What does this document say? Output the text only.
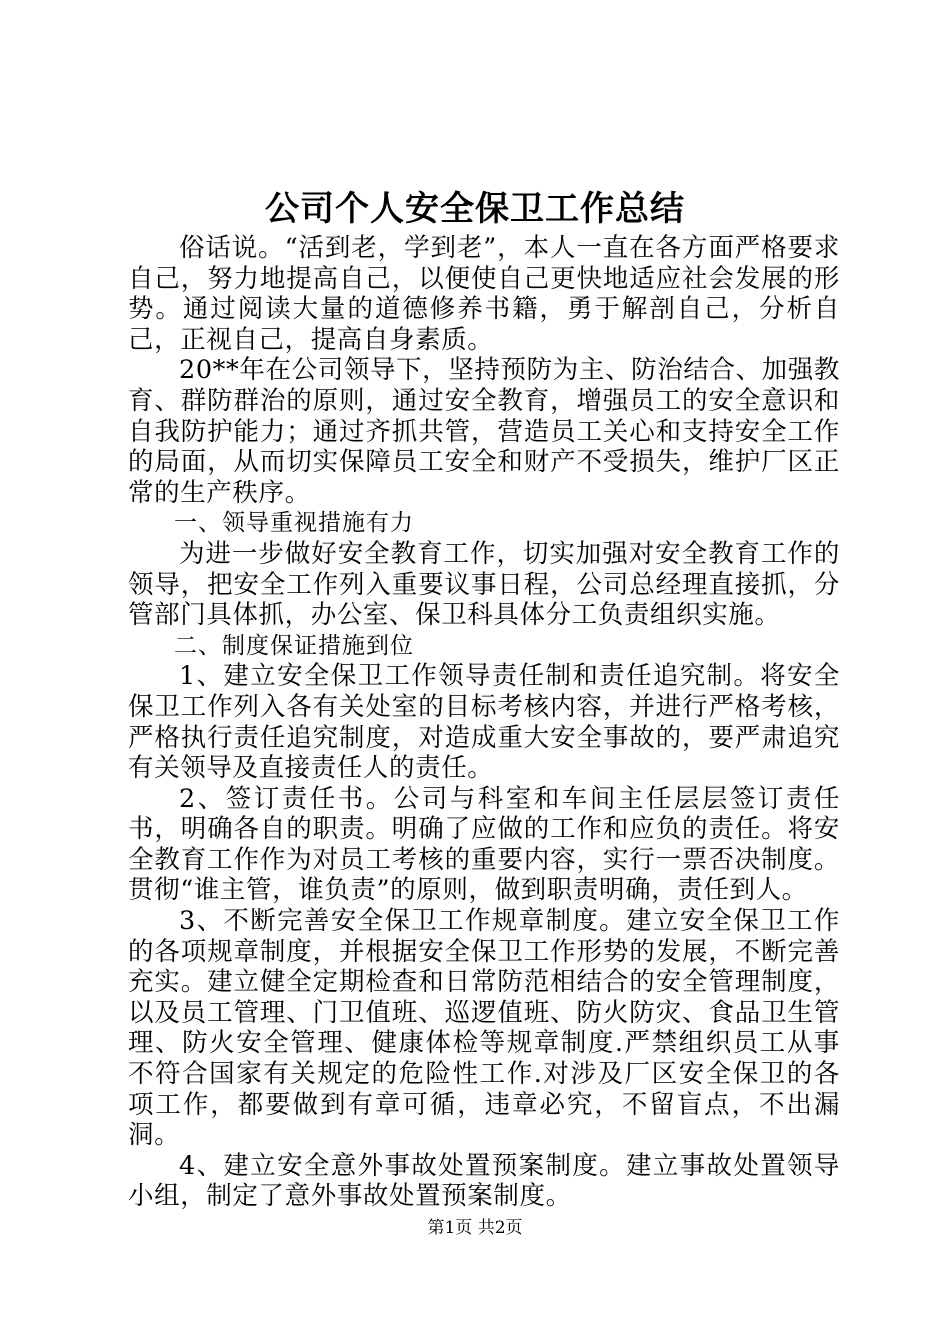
公司个人安全保卫工作总结

俗话说。“活到老，学到老”，本人一直在各方面严格要求自己，努力地提高自己，以便使自己更快地适应社会发展的形势。通过阅读大量的道德修养书籍，勇于解剖自己，分析自己，正视自己，提高自身素质。

20**年在公司领导下，坚持预防为主、防治结合、加强教育、群防群治的原则，通过安全教育，增强员工的安全意识和自我防护能力；通过齐抓共管，营造员工关心和支持安全工作的局面，从而切实保障员工安全和财产不受损失，维护厂区正常的生产秩序。

一、领导重视措施有力

为进一步做好安全教育工作，切实加强对安全教育工作的领导，把安全工作列入重要议事日程，公司总经理直接抓，分管部门具体抓，办公室、保卫科具体分工负责组织实施。

二、制度保证措施到位

1、建立安全保卫工作领导责任制和责任追究制。将安全保卫工作列入各有关处室的目标考核内容，并进行严格考核，严格执行责任追究制度，对造成重大安全事故的，要严肃追究有关领导及直接责任人的责任。

2、签订责任书。公司与科室和车间主任层层签订责任书，明确各自的职责。明确了应做的工作和应负的责任。将安全教育工作作为对员工考核的重要内容，实行一票否决制度。贯彻“谁主管，谁负责”的原则，做到职责明确，责任到人。

3、不断完善安全保卫工作规章制度。建立安全保卫工作的各项规章制度，并根据安全保卫工作形势的发展，不断完善充实。建立健全定期检查和日常防范相结合的安全管理制度，以及员工管理、门卫值班、巡逻值班、防火防灾、食品卫生管理、防火安全管理、健康体检等规章制度.严禁组织员工从事不符合国家有关规定的危险性工作.对涉及厂区安全保卫的各项工作，都要做到有章可循，违章必究，不留盲点，不出漏洞。

4、建立安全意外事故处置预案制度。建立事故处置领导小组，制定了意外事故处置预案制度。

第1页 共2页
